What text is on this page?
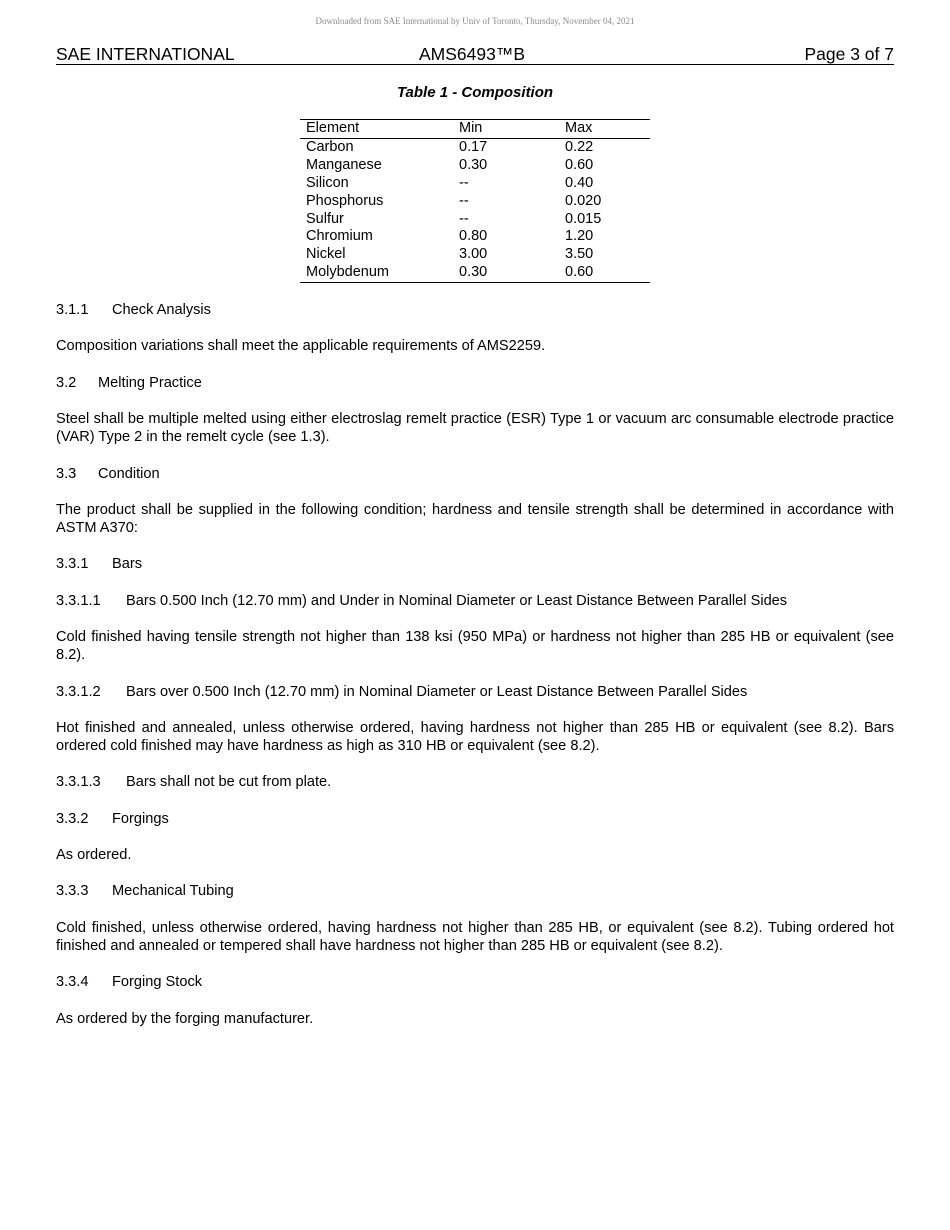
Downloaded from SAE International by Univ of Toronto, Thursday, November 04, 2021
SAE INTERNATIONAL	AMS6493™B	Page 3 of 7
Table 1 - Composition
Element	Min	Max
Carbon	0.17	0.22
Manganese	0.30	0.60
Silicon	--	0.40
Phosphorus	--	0.020
Sulfur	--	0.015
Chromium	0.80	1.20
Nickel	3.00	3.50
Molybdenum	0.30	0.60
3.1.1	Check Analysis

Composition variations shall meet the applicable requirements of AMS2259.

3.2	Melting Practice

Steel shall be multiple melted using either electroslag remelt practice (ESR) Type 1 or vacuum arc consumable electrode practice (VAR) Type 2 in the remelt cycle (see 1.3).

3.3	Condition

The product shall be supplied in the following condition; hardness and tensile strength shall be determined in accordance with ASTM A370:

3.3.1	Bars
3.3.1.1	Bars 0.500 Inch (12.70 mm) and Under in Nominal Diameter or Least Distance Between Parallel Sides

Cold finished having tensile strength not higher than 138 ksi (950 MPa) or hardness not higher than 285 HB or equivalent (see 8.2).

3.3.1.2	Bars over 0.500 Inch (12.70 mm) in Nominal Diameter or Least Distance Between Parallel Sides

Hot finished and annealed, unless otherwise ordered, having hardness not higher than 285 HB or equivalent (see 8.2). Bars ordered cold finished may have hardness as high as 310 HB or equivalent (see 8.2).

3.3.1.3	Bars shall not be cut from plate.
3.3.2	Forgings

As ordered.

3.3.3	Mechanical Tubing

Cold finished, unless otherwise ordered, having hardness not higher than 285 HB, or equivalent (see 8.2). Tubing ordered hot finished and annealed or tempered shall have hardness not higher than 285 HB or equivalent (see 8.2).

3.3.4	Forging Stock

As ordered by the forging manufacturer.
